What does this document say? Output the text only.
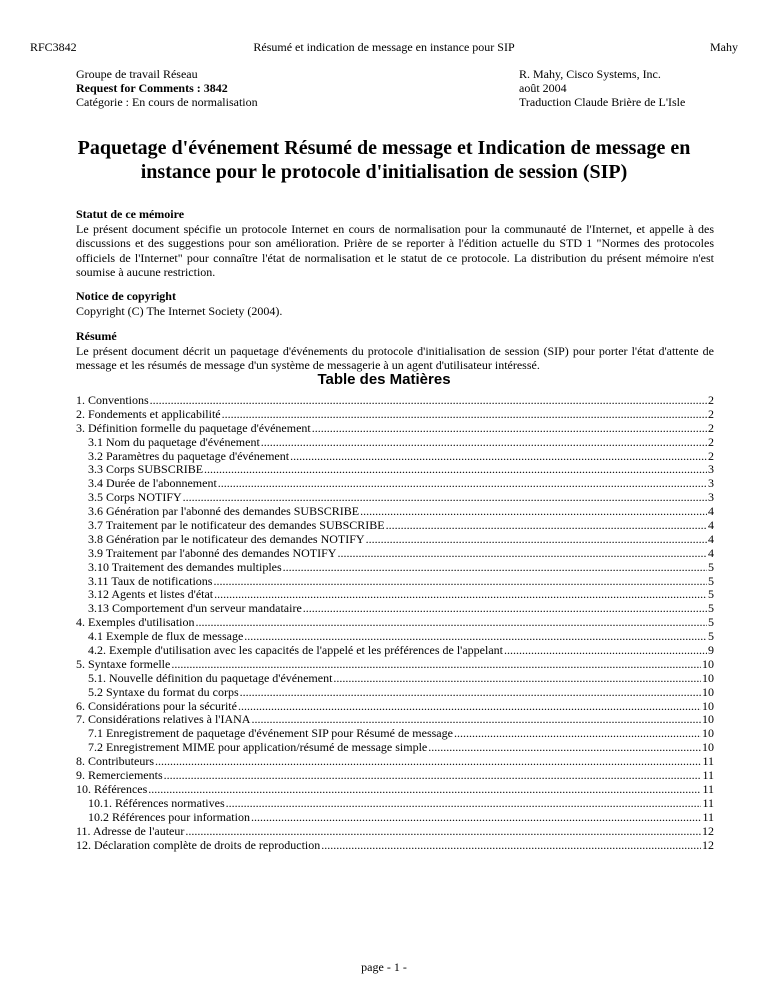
Résumé et indication de message en instance pour SIP
RFC3842	Mahy
Groupe de travail Réseau
Request for Comments : 3842
Catégorie : En cours de normalisation
R. Mahy, Cisco Systems, Inc.
août 2004
Traduction Claude Brière de L'Isle
Paquetage d'événement Résumé de message et Indication de message en instance pour le protocole d'initialisation de session (SIP)
Statut de ce mémoire
Le présent document spécifie un protocole Internet en cours de normalisation pour la communauté de l'Internet, et appelle à des discussions et des suggestions pour son amélioration. Prière de se reporter à l'édition actuelle du STD 1 "Normes des protocoles officiels de l'Internet" pour connaître l'état de normalisation et le statut de ce protocole. La distribution du présent mémoire n'est soumise à aucune restriction.
Notice de copyright
Copyright (C) The Internet Society (2004).
Résumé
Le présent document décrit un paquetage d'événements du protocole d'initialisation de session (SIP) pour porter l'état d'attente de message et les résumés de message d'un système de messagerie à un agent d'utilisateur intéressé.
Table des Matières
1. Conventions .....	2
2. Fondements et applicabilité .....	2
3. Définition formelle du paquetage d'événement .....	2
3.1 Nom du paquetage d'événement .....	2
3.2 Paramètres du paquetage d'événement .....	2
3.3 Corps SUBSCRIBE .....	3
3.4 Durée de l'abonnement .....	3
3.5 Corps NOTIFY .....	3
3.6 Génération par l'abonné des demandes SUBSCRIBE .....	4
3.7 Traitement par le notificateur des demandes SUBSCRIBE .....	4
3.8 Génération par le notificateur des demandes NOTIFY .....	4
3.9 Traitement par l'abonné des demandes NOTIFY .....	4
3.10 Traitement des demandes multiples .....	5
3.11 Taux de notifications .....	5
3.12 Agents et listes d'état .....	5
3.13 Comportement d'un serveur mandataire .....	5
4. Exemples d'utilisation .....	5
4.1 Exemple de flux de message .....	5
4.2. Exemple d'utilisation avec les capacités de l'appelé et les préférences de l'appelant .....	9
5. Syntaxe formelle .....	10
5.1. Nouvelle définition du paquetage d'événement .....	10
5.2 Syntaxe du format du corps .....	10
6. Considérations pour la sécurité .....	10
7. Considérations relatives à l'IANA .....	10
7.1 Enregistrement de paquetage d'événement SIP pour Résumé de message .....	10
7.2 Enregistrement MIME pour application/résumé de message simple .....	10
8. Contributeurs .....	11
9. Remerciements .....	11
10. Références .....	11
10.1. Références normatives .....	11
10.2 Références pour information .....	11
11. Adresse de l'auteur .....	12
12. Déclaration complète de droits de reproduction .....	12
page - 1 -
